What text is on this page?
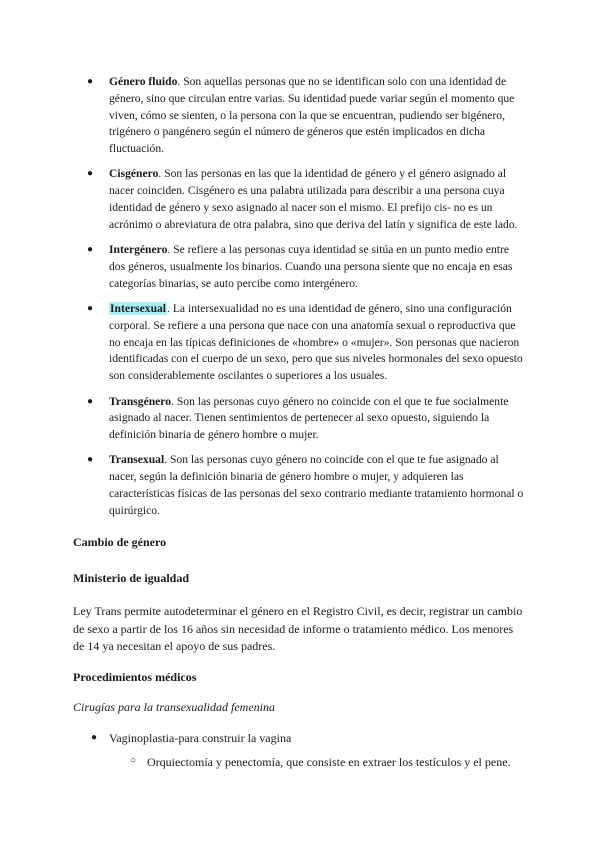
● Género fluido. Son aquellas personas que no se identifican solo con una identidad de género, sino que circulan entre varias. Su identidad puede variar según el momento que viven, cómo se sienten, o la persona con la que se encuentran, pudiendo ser bigénero, trigénero o pangénero según el número de géneros que estén implicados en dicha fluctuación.
● Cisgénero. Son las personas en las que la identidad de género y el género asignado al nacer coinciden. Cisgénero es una palabra utilizada para describir a una persona cuya identidad de género y sexo asignado al nacer son el mismo. El prefijo cis- no es un acrónimo o abreviatura de otra palabra, sino que deriva del latín y significa de este lado.
● Intergénero. Se refiere a las personas cuya identidad se sitúa en un punto medio entre dos géneros, usualmente los binarios. Cuando una persona siente que no encaja en esas categorías binarias, se auto percibe como intergénero.
● Intersexual. La intersexualidad no es una identidad de género, sino una configuración corporal. Se refiere a una persona que nace con una anatomía sexual o reproductiva que no encaja en las típicas definiciones de «hombre» o «mujer». Son personas que nacieron identificadas con el cuerpo de un sexo, pero que sus niveles hormonales del sexo opuesto son considerablemente oscilantes o superiores a los usuales.
● Transgénero. Son las personas cuyo género no coincide con el que te fue socialmente asignado al nacer. Tienen sentimientos de pertenecer al sexo opuesto, siguiendo la definición binaria de género hombre o mujer.
● Transexual. Son las personas cuyo género no coincide con el que te fue asignado al nacer, según la definición binaria de género hombre o mujer, y adquieren las características físicas de las personas del sexo contrario mediante tratamiento hormonal o quirúrgico.

Cambio de género

Ministerio de igualdad

Ley Trans permite autodeterminar el género en el Registro Civil, es decir, registrar un cambio de sexo a partir de los 16 años sin necesidad de informe o tratamiento médico. Los menores de 14 ya necesitan el apoyo de sus padres.

Procedimientos médicos

Cirugías para la transexualidad femenina

● Vaginoplastia-para construir la vagina
○ Orquiectomía y penectomía, que consiste en extraer los testículos y el pene.
